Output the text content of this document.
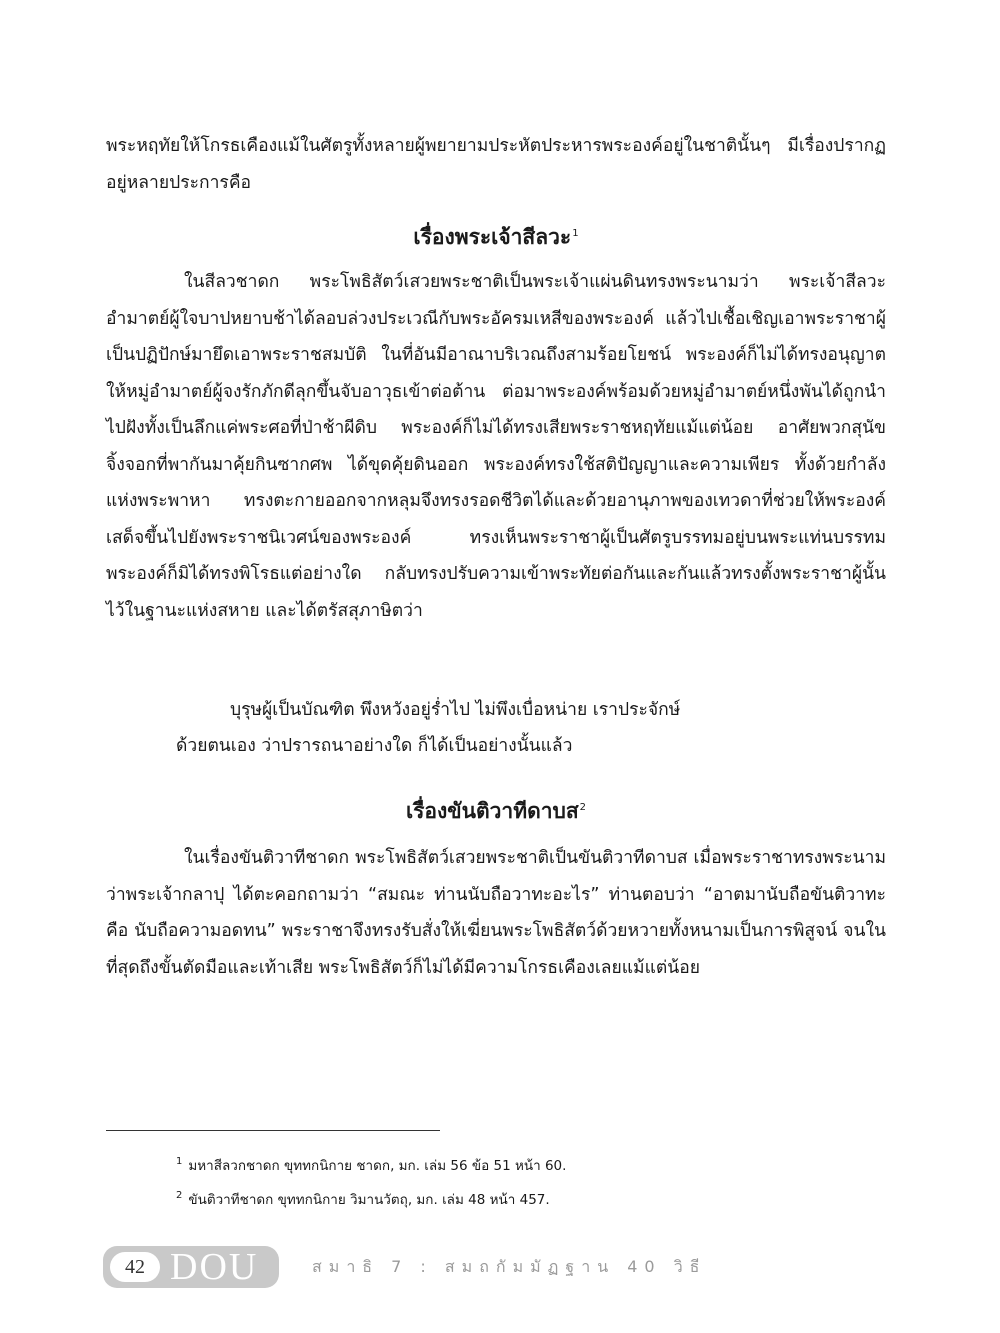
พระหฤทัยให้โกรธเคืองแม้ในศัตรูทั้งหลายผู้พยายามประหัตประหารพระองค์อยู่ในชาตินั้นๆ มีเรื่องปรากฏอยู่หลายประการคือ

เรื่องพระเจ้าสีลวะ$^1$

ในสีลวชาดก พระโพธิสัตว์เสวยพระชาติเป็นพระเจ้าแผ่นดินทรงพระนามว่า พระเจ้าสีลวะ อำมาตย์ผู้ใจบาปหยาบช้าได้ลอบล่วงประเวณีกับพระอัครมเหสีของพระองค์ แล้วไปเชื้อเชิญเอาพระราชาผู้เป็นปฏิปักษ์มายึดเอาพระราชสมบัติ ในที่อันมีอาณาบริเวณถึงสามร้อยโยชน์ พระองค์ก็ไม่ได้ทรงอนุญาตให้หมู่อำมาตย์ผู้จงรักภักดีลุกขึ้นจับอาวุธเข้าต่อต้าน ต่อมาพระองค์พร้อมด้วยหมู่อำมาตย์หนึ่งพันได้ถูกนำไปฝังทั้งเป็นลึกแค่พระศอที่ป่าช้าผีดิบ พระองค์ก็ไม่ได้ทรงเสียพระราชหฤทัยแม้แต่น้อย อาศัยพวกสุนัขจิ้งจอกที่พากันมาคุ้ยกินซากศพ ได้ขุดคุ้ยดินออก พระองค์ทรงใช้สติปัญญาและความเพียร ทั้งด้วยกำลังแห่งพระพาหา ทรงตะกายออกจากหลุมจึงทรงรอดชีวิตได้และด้วยอานุภาพของเทวดาที่ช่วยให้พระองค์เสด็จขึ้นไปยังพระราชนิเวศน์ของพระองค์ ทรงเห็นพระราชาผู้เป็นศัตรูบรรทมอยู่บนพระแท่นบรรทม พระองค์ก็มิได้ทรงพิโรธแต่อย่างใด กลับทรงปรับความเข้าพระทัยต่อกันและกันแล้วทรงตั้งพระราชาผู้นั้นไว้ในฐานะแห่งสหาย และได้ตรัสสุภาษิตว่า

บุรุษผู้เป็นบัณฑิต พึงหวังอยู่ร่ำไป ไม่พึงเบื่อหน่าย เราประจักษ์
ด้วยตนเอง ว่าปรารถนาอย่างใด ก็ได้เป็นอย่างนั้นแล้ว
เรื่องขันติวาทีดาบส$^2$

ในเรื่องขันติวาทีชาดก พระโพธิสัตว์เสวยพระชาติเป็นขันติวาทีดาบส เมื่อพระราชาทรงพระนามว่าพระเจ้ากลาปุ ได้ตะคอกถามว่า “สมณะ ท่านนับถือวาทะอะไร” ท่านตอบว่า “อาตมานับถือขันติวาทะ คือ นับถือความอดทน” พระราชาจึงทรงรับสั่งให้เฆี่ยนพระโพธิสัตว์ด้วยหวายทั้งหนามเป็นการพิสูจน์ จนในที่สุดถึงขั้นตัดมือและเท้าเสีย พระโพธิสัตว์ก็ไม่ได้มีความโกรธเคืองเลยแม้แต่น้อย

$^1$ มหาสีลวกชาดก ขุททกนิกาย ชาดก, มก. เล่ม 56 ข้อ 51 หน้า 60.
$^2$ ขันติวาทีชาดก ขุททกนิกาย วิมานวัตถุ, มก. เล่ม 48 หน้า 457.
42 DOU	สมาธิ 7 : สมถกัมมัฏฐาน 40 วิธี
